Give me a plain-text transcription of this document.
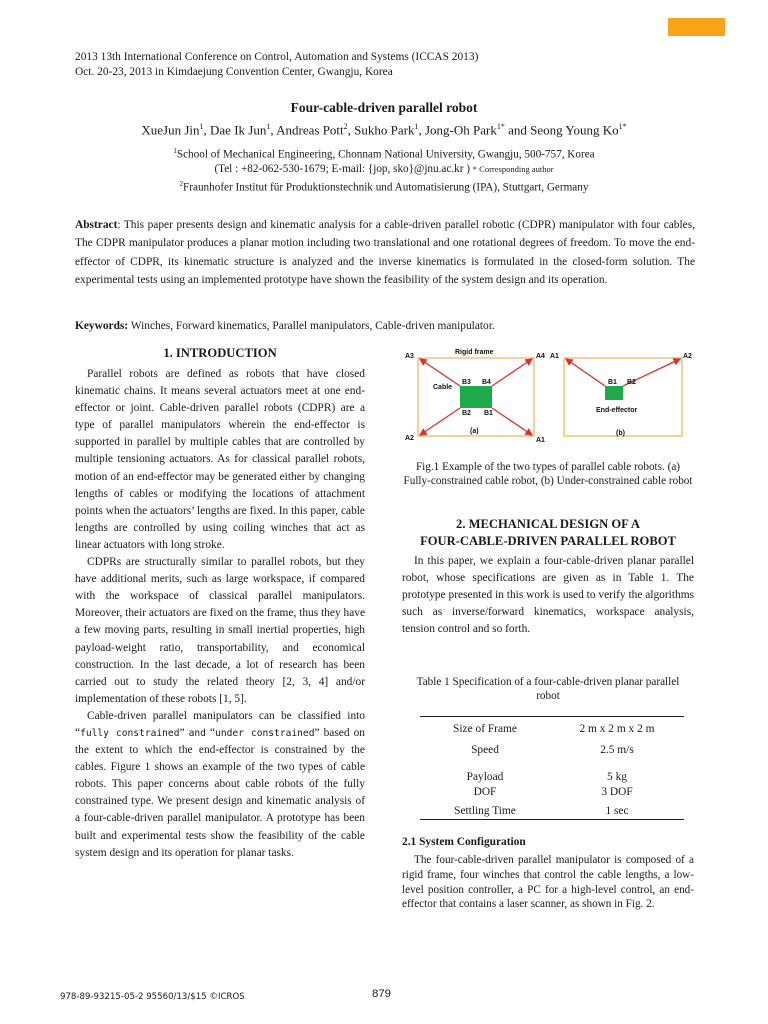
2013 13th International Conference on Control, Automation and Systems (ICCAS 2013)
Oct. 20-23, 2013 in Kimdaejung Convention Center, Gwangju, Korea
Four-cable-driven parallel robot
XueJun Jin$^1$, Dae Ik Jun$^1$, Andreas Pott$^2$, Sukho Park$^1$, Jong-Oh Park$^{1*}$ and Seong Young $Ko^{1*}$
$^1$School of Mechanical Engineering, Chonnam National University, Gwangju, 500-757, Korea
(Tel : +82-062-530-1679; E-mail: {jop, sko}@jnu.ac.kr ) * Corresponding author
$^2$Fraunhofer Institut für Produktionstechnik und Automatisierung (IPA), Stuttgart, Germany
Abstract: This paper presents design and kinematic analysis for a cable-driven parallel robotic (CDPR) manipulator with four cables, The CDPR manipulator produces a planar motion including two translational and one rotational degrees of freedom. To move the end-effector of CDPR, its kinematic structure is analyzed and the inverse kinematics is formulated in the closed-form solution. The experimental tests using an implemented prototype have shown the feasibility of the system design and its operation.
Keywords: Winches, Forward kinematics, Parallel manipulators, Cable-driven manipulator.
1. INTRODUCTION

Parallel robots are defined as robots that have closed kinematic chains. It means several actuators meet at one end-effector or joint. Cable-driven parallel robots (CDPR) are a type of parallel manipulators wherein the end-effector is supported in parallel by multiple cables that are controlled by multiple tensioning actuators. As for classical parallel robots, motion of an end-effector may be generated either by changing lengths of cables or modifying the locations of attachment points when the actuators’ lengths are fixed. In this paper, cable lengths are controlled by using coiling winches that act as linear actuators with long stroke.

CDPRs are structurally similar to parallel robots, but they have additional merits, such as large workspace, if compared with the workspace of classical parallel manipulators. Moreover, their actuators are fixed on the frame, thus they have a few moving parts, resulting in small inertial properties, high payload-weight ratio, transportability, and economical construction. In the last decade, a lot of research has been carried out to study the related theory [2, 3, 4] and/or implementation of these robots [1, 5].

Cable-driven parallel manipulators can be classified into “fully constrained” and “under constrained” based on the extent to which the end-effector is constrained by the cables. Figure 1 shows an example of the two types of cable robots. This paper concerns about cable robots of the fully constrained type. We present design and kinematic analysis of a four-cable-driven parallel manipulator. A prototype has been built and experimental tests show the feasibility of the cable system design and its operation for planar tasks.

Rigid frame
A3	A4
A2	A1
Cable
B3 B4
B2 B1
(a)
A1	A2
B1 B2
End-effector
(b)
Fig.1 Example of the two types of parallel cable robots. (a) Fully-constrained cable robot, (b) Under-constrained cable robot
2. MECHANICAL DESIGN OF A
FOUR-CABLE-DRIVEN PARALLEL ROBOT

In this paper, we explain a four-cable-driven planar parallel robot, whose specifications are given as in Table 1. The prototype presented in this work is used to verify the algorithms such as inverse/forward kinematics, workspace analysis, tension control and so forth.

Table 1 Specification of a four-cable-driven planar parallel robot
Size of Frame	2 m x 2 m x 2 m
Speed	2.5 m/s
Payload	5 kg
DOF	3 DOF
Settling Time	1 sec
2.1 System Configuration
The four-cable-driven parallel manipulator is composed of a rigid frame, four winches that control the cable lengths, a low-level position controller, a PC for a high-level control, an end-effector that contains a laser scanner, as shown in Fig. 2.
978-89-93215-05-2 95560/13/$15 ©ICROS	879
